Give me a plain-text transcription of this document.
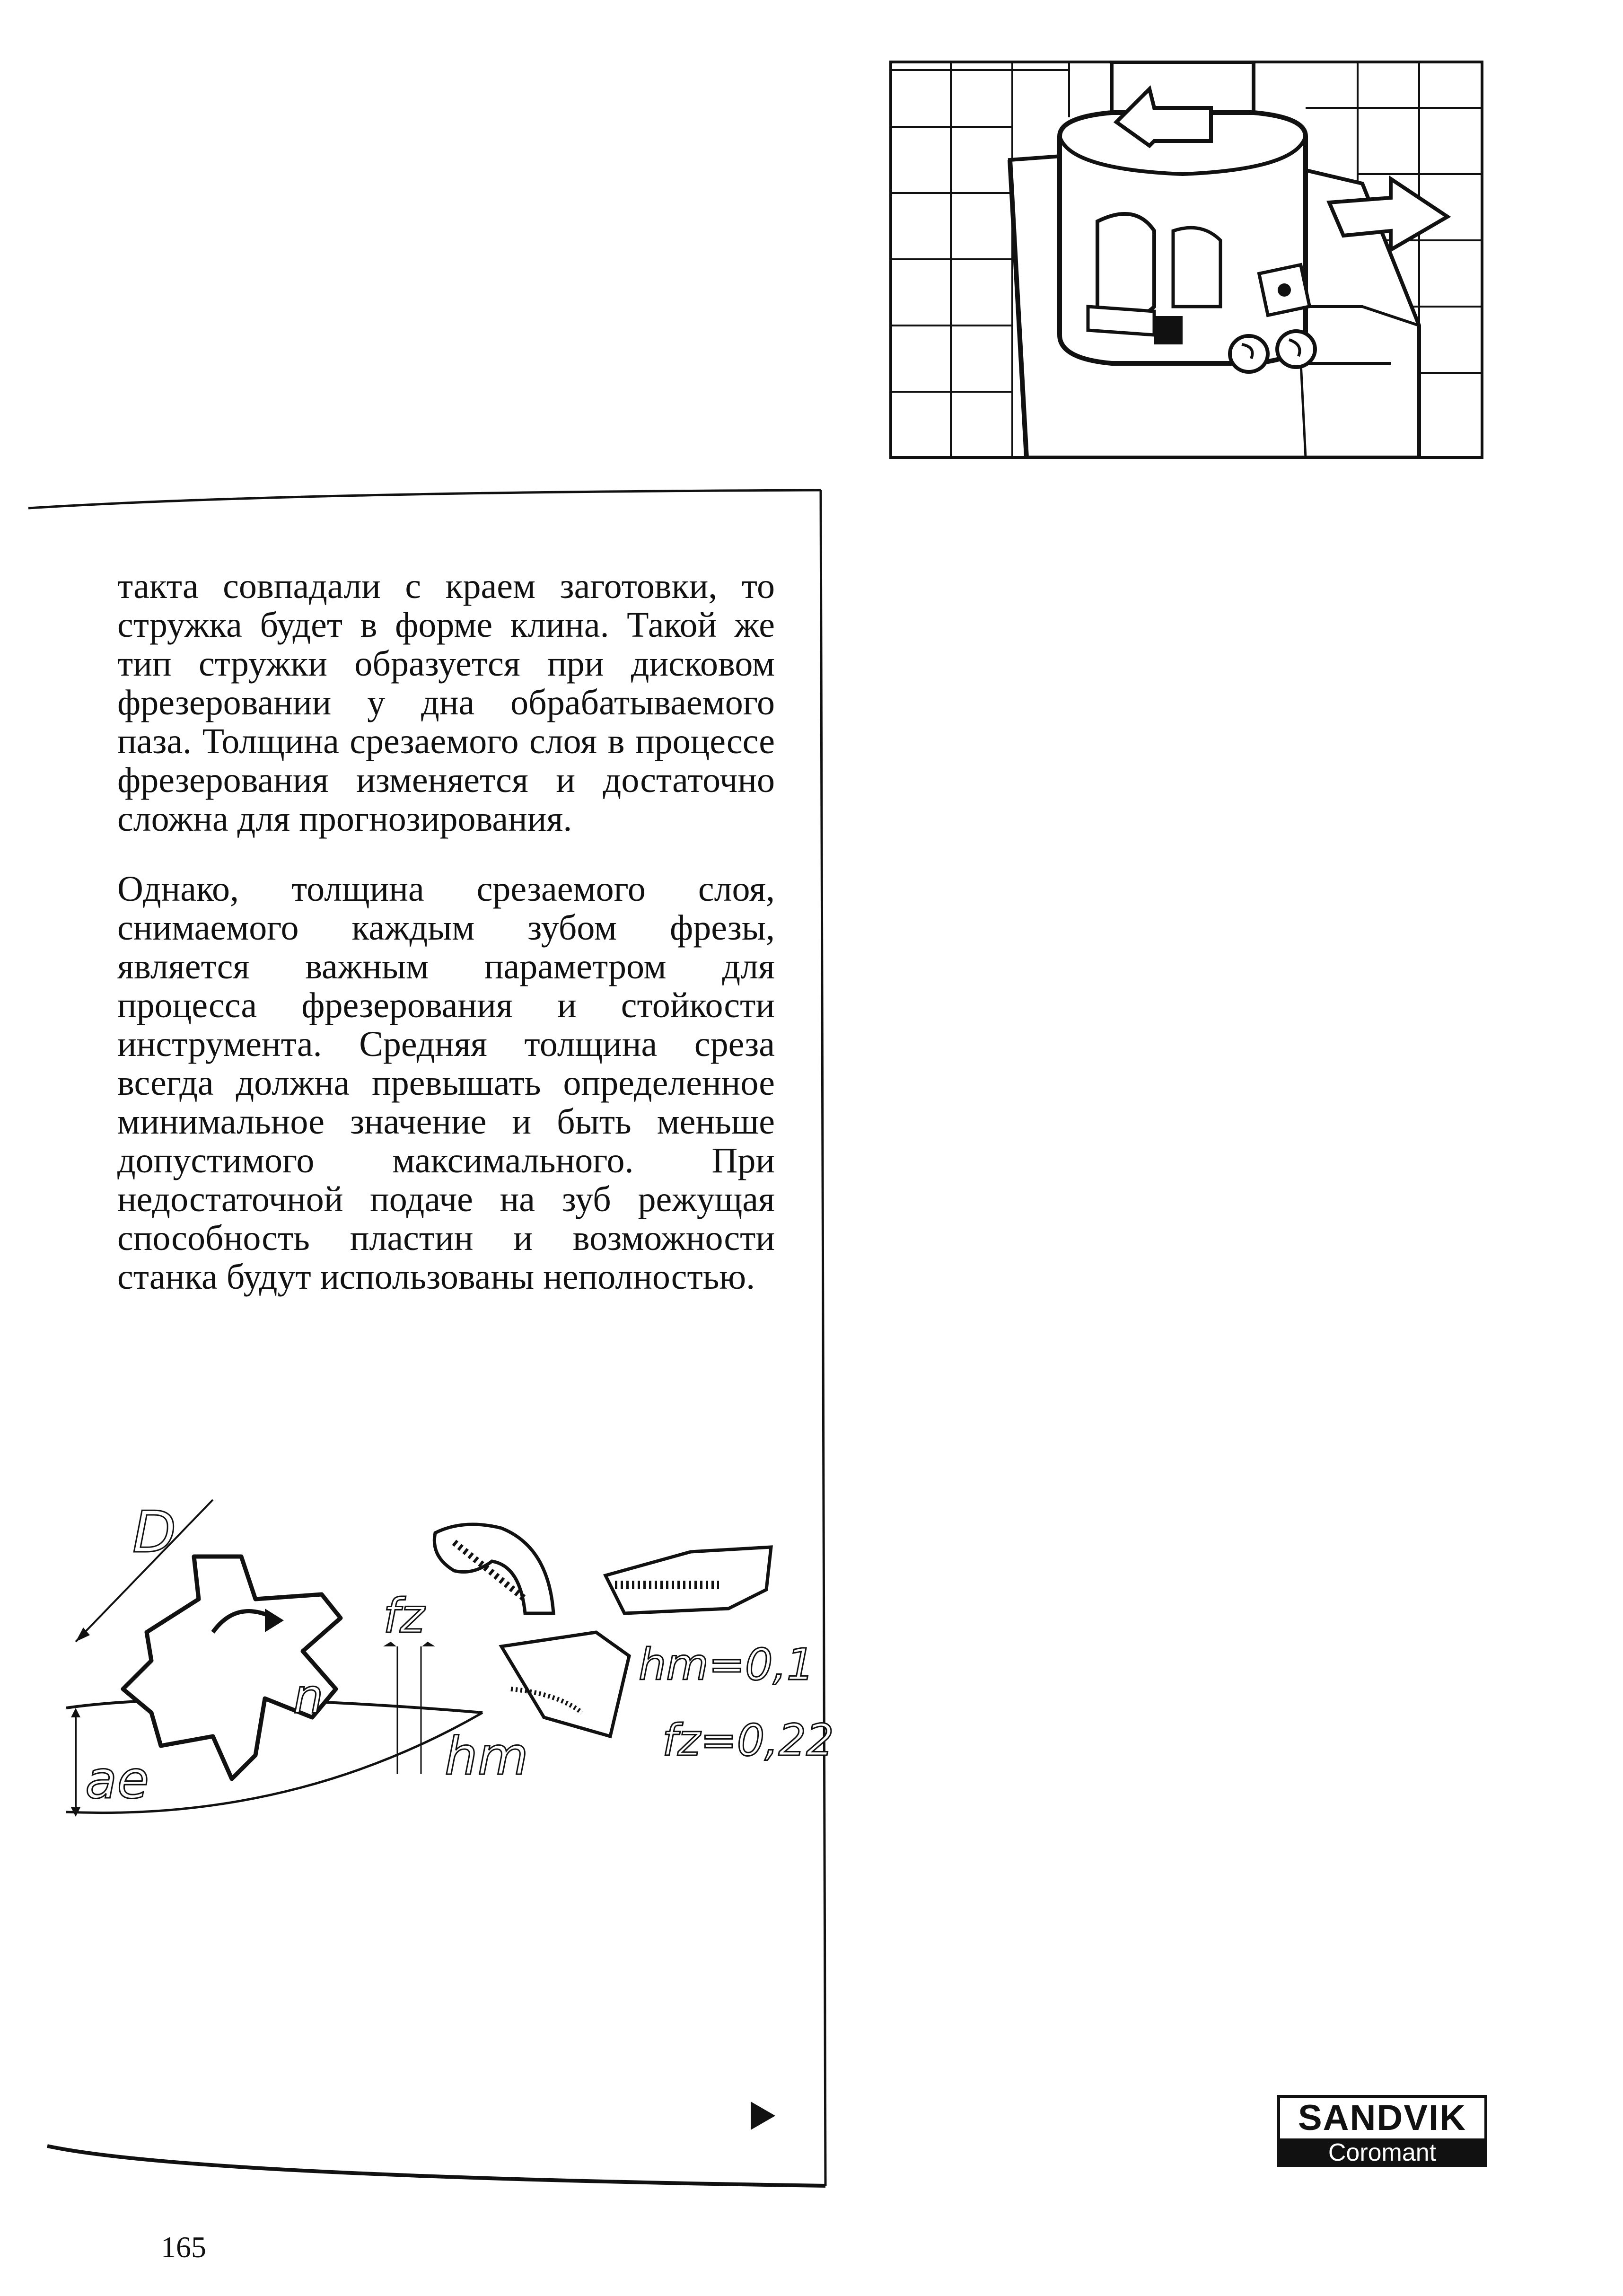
такта совпадали с краем заготовки, то стружка будет в форме клина. Такой же тип стружки образуется при дисковом фрезеровании у дна обрабатываемого паза. Толщина срезаемого слоя в процессе фрезерования изменяется и достаточно сложна для прогнозирования.

Однако, толщина срезаемого слоя, снимаемого каждым зубом фрезы, является важным параметром для процесса фрезерования и стойкости инструмента. Средняя толщина среза всегда должна превышать определенное минимальное значение и быть меньше допустимого максимального. При недостаточной подаче на зуб режущая способность пластин и возможности станка будут использованы неполностью.

D
n
fz
hm
ae
hm=0,1
fz=0,22
SANDVIK
Coromant
165
